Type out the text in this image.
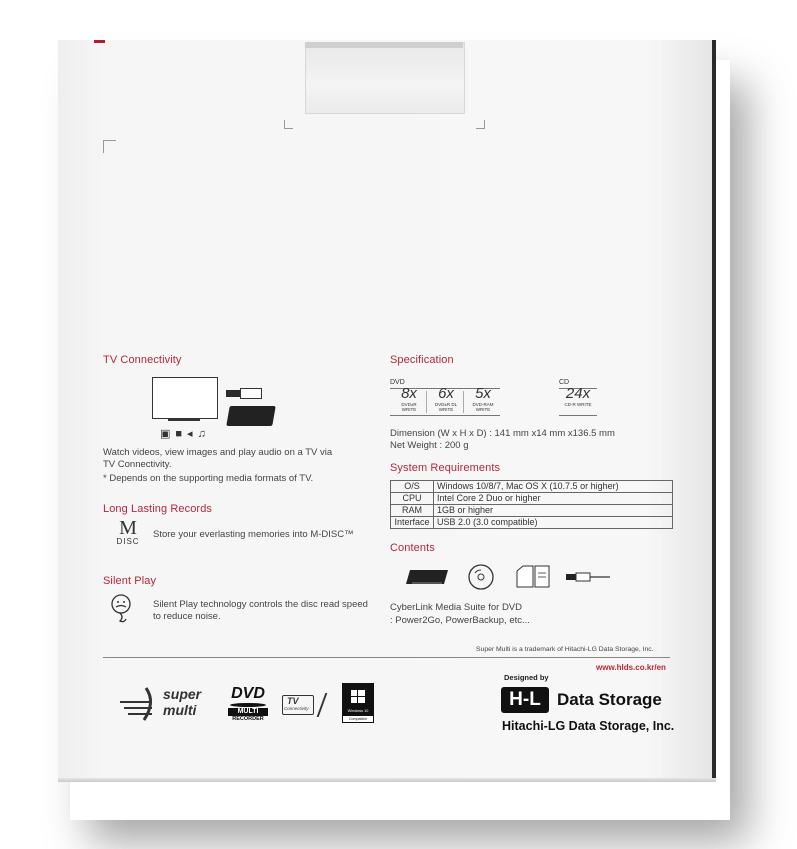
TV Connectivity
▣■◂♫
Watch videos, view images and play audio on a TV via
TV Connectivity.
* Depends on the supporting media formats of TV.
Long Lasting Records
M
DISC
Store your everlasting memories into M-DISC™
Silent Play
Silent Play technology controls the disc read speed
to reduce noise.
Specification
DVD	CD
8x
DVD±R WRITE
6x
DVD±R DL WRITE
5x
DVD-RAM WRITE
24x
CD-R WRITE
Dimension (W x H x D) : 141 mm x14 mm x136.5 mm
Net Weight : 200 g
System Requirements
O/S	Windows 10/8/7, Mac OS X (10.7.5 or higher)
CPU	Intel Core 2 Duo or higher
RAM	1GB or higher
Interface	USB 2.0 (3.0 compatible)
Contents
CyberLink Media Suite for DVD
: Power2Go, PowerBackup, etc...
Super Multi is a trademark of Hitachi-LG Data Storage, Inc.
www.hlds.co.kr/en
super
multi
DVD
MULTI
RECORDER
TV
Connectivity	Windows 10
Compatible
Designed by
H-L Data Storage
Hitachi-LG Data Storage, Inc.
